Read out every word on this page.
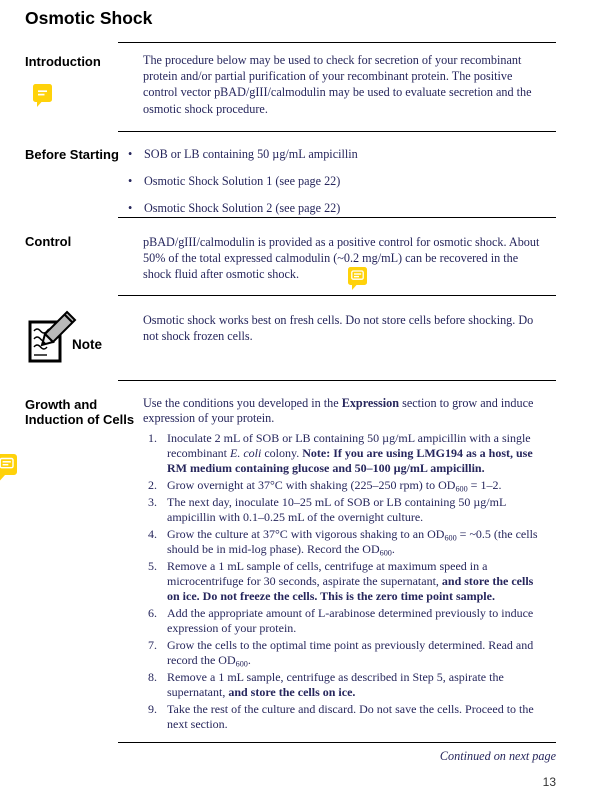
Osmotic Shock
Introduction	The procedure below may be used to check for secretion of your recombinant protein and/or partial purification of your recombinant protein. The positive control vector pBAD/gIII/calmodulin may be used to evaluate secretion and the osmotic shock procedure.
Before Starting • SOB or LB containing 50 µg/mL ampicillin
• Osmotic Shock Solution 1 (see page 22)
• Osmotic Shock Solution 2 (see page 22)
Control	pBAD/gIII/calmodulin is provided as a positive control for osmotic shock. About 50% of the total expressed calmodulin (~0.2 mg/mL) can be recovered in the shock fluid after osmotic shock.
Note
Osmotic shock works best on fresh cells. Do not store cells before shocking. Do not shock frozen cells.
Growth and
Induction of Cells
Use the conditions you developed in the Expression section to grow and induce expression of your protein.
1. Inoculate 2 mL of SOB or LB containing 50 µg/mL ampicillin with a single recombinant E. coli colony. Note: If you are using LMG194 as a host, use RM medium containing glucose and 50–100 µg/mL ampicillin.
2. Grow overnight at 37°C with shaking (225–250 rpm) to $OD_{600} = 1-2$.
3. The next day, inoculate 10–25 mL of SOB or LB containing 50 µg/mL ampicillin with 0.1–0.25 mL of the overnight culture.
4. Grow the culture at 37°C with vigorous shaking to an $OD_{600}$ = ~0.5 (the cells should be in mid-log phase). Record the $OD_{600}$.
5. Remove a 1 mL sample of cells, centrifuge at maximum speed in a microcentrifuge for 30 seconds, aspirate the supernatant, and store the cells on ice. Do not freeze the cells. This is the zero time point sample.
6. Add the appropriate amount of L-arabinose determined previously to induce expression of your protein.
7. Grow the cells to the optimal time point as previously determined. Read and record the $OD_{600}$.
8. Remove a 1 mL sample, centrifuge as described in Step 5, aspirate the supernatant, and store the cells on ice.
9. Take the rest of the culture and discard. Do not save the cells. Proceed to the next section.
Continued on next page
13
